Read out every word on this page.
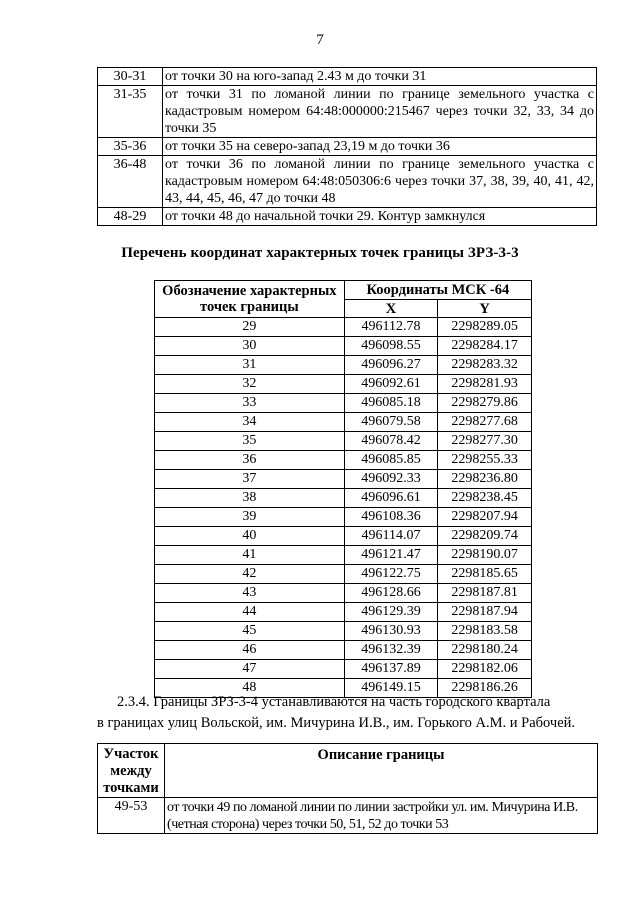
7
30-31	от точки 30 на юго-запад 2.43 м до точки 31
31-35	от точки 31 по ломаной линии по границе земельного участка с кадастровым номером 64:48:000000:215467 через точки 32, 33, 34 до точки 35
35-36	от точки 35 на северо-запад 23,19 м до точки 36
36-48	от точки 36 по ломаной линии по границе земельного участка с кадастровым номером 64:48:050306:6 через точки 37, 38, 39, 40, 41, 42, 43, 44, 45, 46, 47 до точки 48
48-29	от точки 48 до начальной точки 29. Контур замкнулся
Перечень координат характерных точек границы ЗРЗ-3-3
Обозначение характерных точек границы	Координаты МСК -64	
	X	Y
29	496112.78	2298289.05
30	496098.55	2298284.17
31	496096.27	2298283.32
32	496092.61	2298281.93
33	496085.18	2298279.86
34	496079.58	2298277.68
35	496078.42	2298277.30
36	496085.85	2298255.33
37	496092.33	2298236.80
38	496096.61	2298238.45
39	496108.36	2298207.94
40	496114.07	2298209.74
41	496121.47	2298190.07
42	496122.75	2298185.65
43	496128.66	2298187.81
44	496129.39	2298187.94
45	496130.93	2298183.58
46	496132.39	2298180.24
47	496137.89	2298182.06
48	496149.15	2298186.26
2.3.4. Границы ЗРЗ-3-4 устанавливаются на часть городского квартала
в границах улиц Вольской, им. Мичурина И.В., им. Горького А.М. и Рабочей.
Участок между точками	Описание границы
49-53	от точки 49 по ломаной линии по линии застройки ул. им. Мичурина И.В. (четная сторона) через точки 50, 51, 52 до точки 53
